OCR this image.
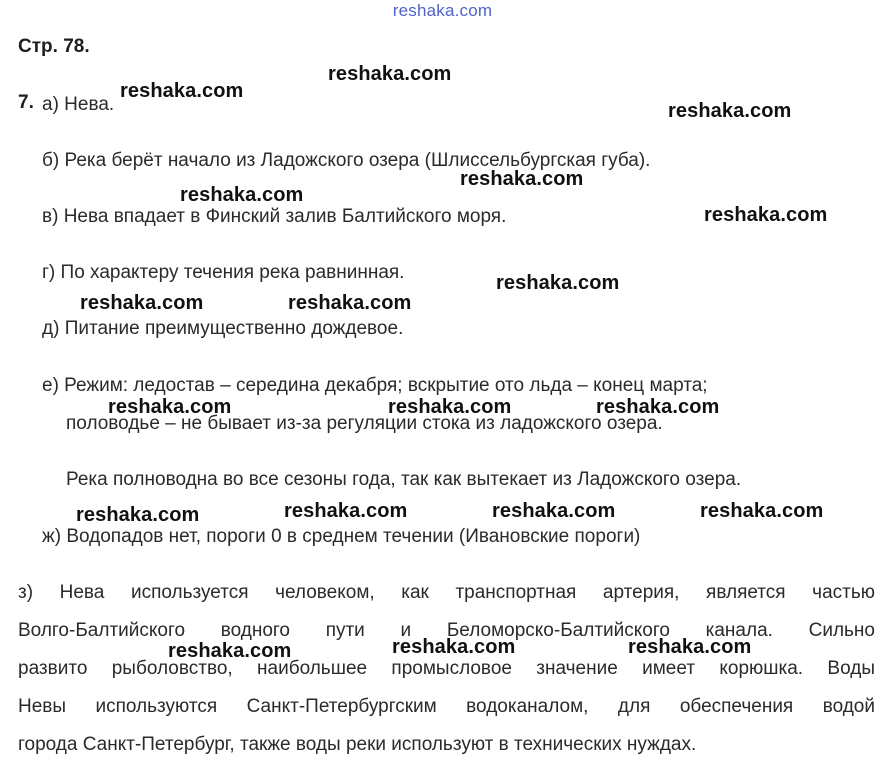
reshaka.com
Стр. 78.
7. а) Нева.
б) Река берёт начало из Ладожского озера (Шлиссельбургская губа).
в) Нева впадает в Финский залив Балтийского моря.
г) По характеру течения река равнинная.
д) Питание преимущественно дождевое.
е) Режим: ледостав – середина декабря; вскрытие ото льда – конец марта;
половодье – не бывает из-за регуляции стока из ладожского озера.
Река полноводна во все сезоны года, так как вытекает из Ладожского озера.
ж) Водопадов нет, пороги 0 в среднем течении (Ивановские пороги)
з) Нева используется человеком, как транспортная артерия, является частью
Волго-Балтийского водного пути и Беломорско-Балтийского канала. Сильно
развито рыболовство, наибольшее промысловое значение имеет корюшка. Воды
Невы используются Санкт-Петербургским водоканалом, для обеспечения водой
города Санкт-Петербург, также воды реки используют в технических нуждах.
reshaka.com
reshaka.com
reshaka.com
reshaka.com
reshaka.com
reshaka.com
reshaka.com
reshaka.com	reshaka.com
reshaka.com	reshaka.com	reshaka.com
reshaka.com	reshaka.com	reshaka.com
reshaka.com
reshaka.com	reshaka.com	reshaka.com
